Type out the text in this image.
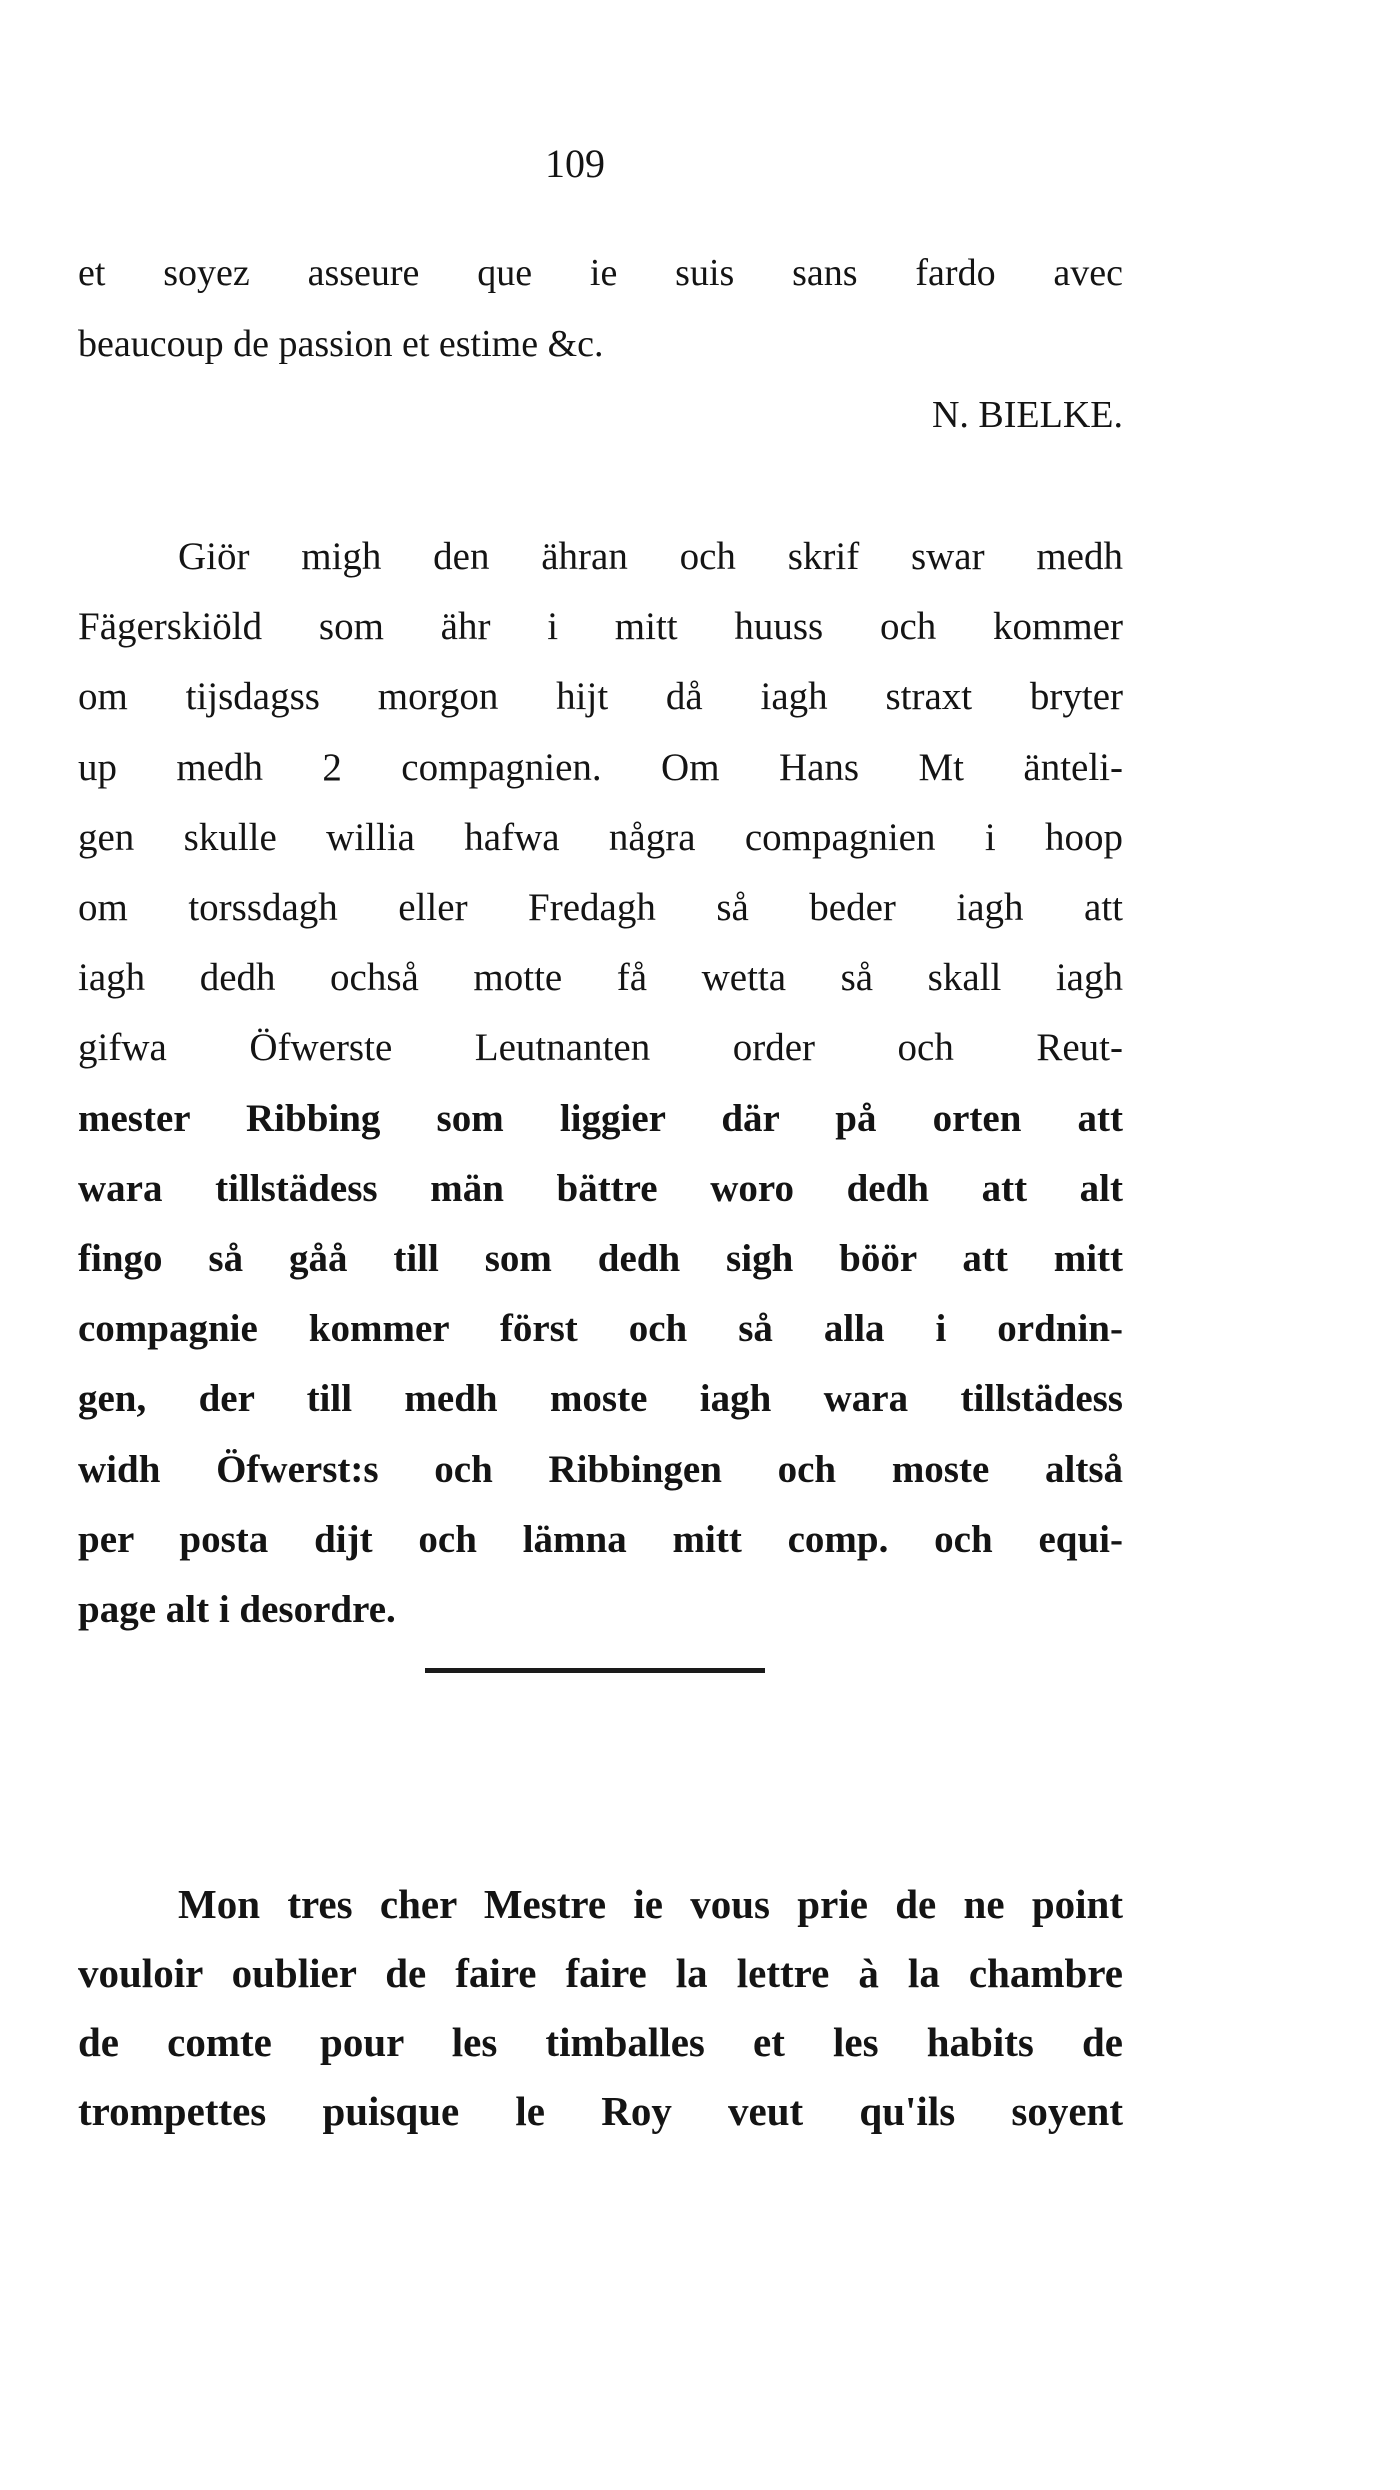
109
et soyez asseure que ie suis sans fardo avec
beaucoup de passion et estime &c.
N. BIELKE.
Giör migh den ähran och skrif swar medh
Fägerskiöld som ähr i mitt huuss och kommer
om tijsdagss morgon hijt då iagh straxt bryter
up medh 2 compagnien. Om Hans Mt änteli-
gen skulle willia hafwa några compagnien i hoop
om torssdagh eller Fredagh så beder iagh att
iagh dedh ochså motte få wetta så skall iagh
gifwa Öfwerste Leutnanten order och Reut-
mester Ribbing som liggier där på orten att
wara tillstädess män bättre woro dedh att alt
fingo så gåå till som dedh sigh böör att mitt
compagnie kommer först och så alla i ordnin-
gen, der till medh moste iagh wara tillstädess
widh Öfwerst:s och Ribbingen och moste altså
per posta dijt och lämna mitt comp. och equi-
page alt i desordre.
Mon tres cher Mestre ie vous prie de ne point
vouloir oublier de faire faire la lettre à la chambre
de comte pour les timballes et les habits de
trompettes puisque le Roy veut qu'ils soyent
